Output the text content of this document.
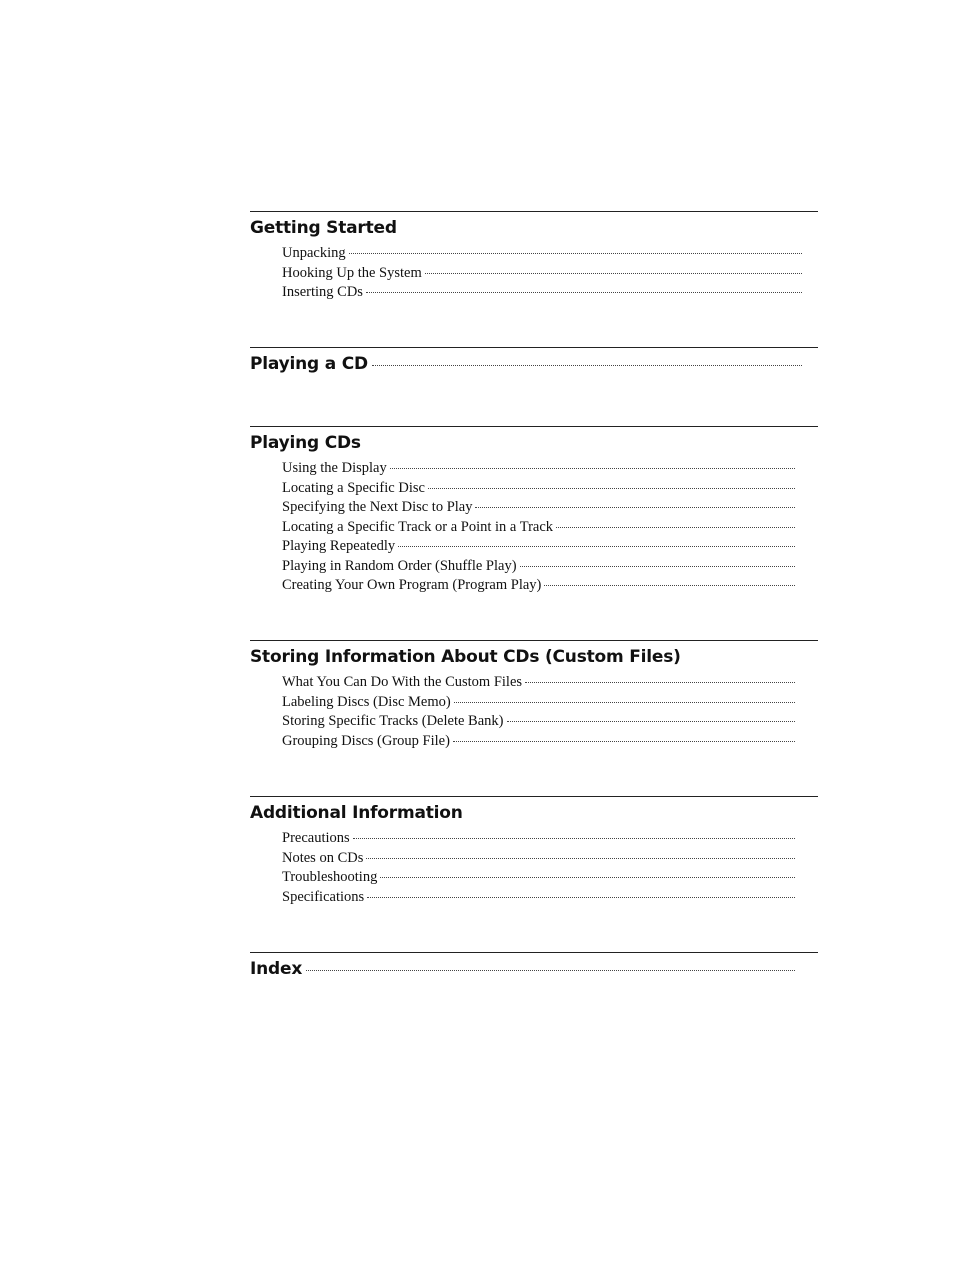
Getting Started
Unpacking
Hooking Up the System
Inserting CDs
Playing a CD
Playing CDs
Using the Display
Locating a Specific Disc
Specifying the Next Disc to Play
Locating a Specific Track or a Point in a Track
Playing Repeatedly
Playing in Random Order (Shuffle Play)
Creating Your Own Program (Program Play)
Storing Information About CDs (Custom Files)
What You Can Do With the Custom Files
Labeling Discs (Disc Memo)
Storing Specific Tracks (Delete Bank)
Grouping Discs (Group File)
Additional Information
Precautions
Notes on CDs
Troubleshooting
Specifications
Index
